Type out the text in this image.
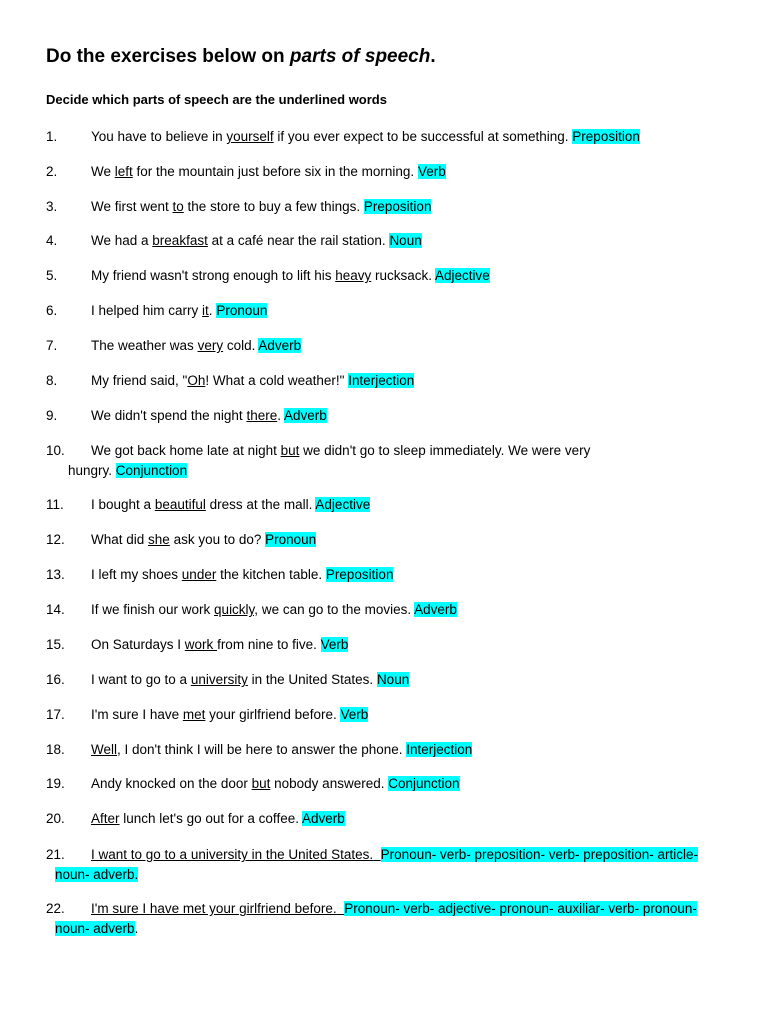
Do the exercises below on parts of speech.
Decide which parts of speech are the underlined words
1. You have to believe in yourself if you ever expect to be successful at something. Preposition
2. We left for the mountain just before six in the morning. Verb
3. We first went to the store to buy a few things. Preposition
4. We had a breakfast at a café near the rail station. Noun
5. My friend wasn't strong enough to lift his heavy rucksack. Adjective
6. I helped him carry it. Pronoun
7. The weather was very cold. Adverb
8. My friend said, "Oh! What a cold weather!" Interjection
9. We didn't spend the night there. Adverb
10. We got back home late at night but we didn't go to sleep immediately. We were very
hungry. Conjunction
11. I bought a beautiful dress at the mall. Adjective
12. What did she ask you to do? Pronoun
13. I left my shoes under the kitchen table. Preposition
14. If we finish our work quickly, we can go to the movies. Adverb
15. On Saturdays I work from nine to five. Verb
16. I want to go to a university in the United States. Noun
17. I'm sure I have met your girlfriend before. Verb
18. Well, I don't think I will be here to answer the phone. Interjection
19. Andy knocked on the door but nobody answered. Conjunction
20. After lunch let's go out for a coffee. Adverb
21. I want to go to a university in the United States. Pronoun- verb- preposition- verb- preposition- article-
noun- adverb.
22. I'm sure I have met your girlfriend before. Pronoun- verb- adjective- pronoun- auxiliar- verb- pronoun-
noun- adverb.
